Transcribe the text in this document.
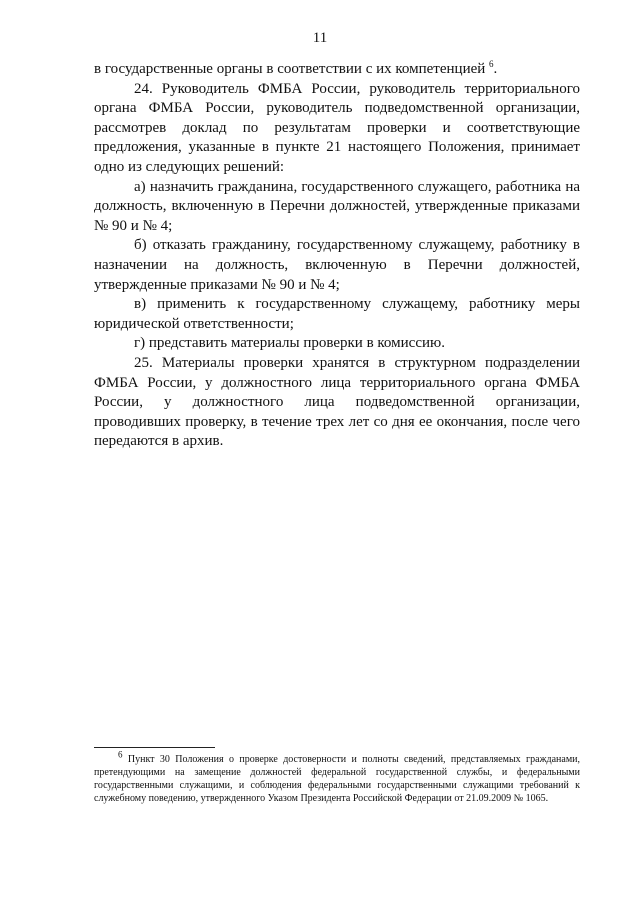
11

в государственные органы в соответствии с их компетенцией $^6$.

24. Руководитель ФМБА России, руководитель территориального органа ФМБА России, руководитель подведомственной организации, рассмотрев доклад по результатам проверки и соответствующие предложения, указанные в пункте 21 настоящего Положения, принимает одно из следующих решений:

а) назначить гражданина, государственного служащего, работника на должность, включенную в Перечни должностей, утвержденные приказами № 90 и № 4;

б) отказать гражданину, государственному служащему, работнику в назначении на должность, включенную в Перечни должностей, утвержденные приказами № 90 и № 4;

в) применить к государственному служащему, работнику меры юридической ответственности;

г) представить материалы проверки в комиссию.

25. Материалы проверки хранятся в структурном подразделении ФМБА России, у должностного лица территориального органа ФМБА России, у должностного лица подведомственной организации, проводивших проверку, в течение трех лет со дня ее окончания, после чего передаются в архив.

$^6$ Пункт 30 Положения о проверке достоверности и полноты сведений, представляемых гражданами, претендующими на замещение должностей федеральной государственной службы, и федеральными государственными служащими, и соблюдения федеральными государственными служащими требований к служебному поведению, утвержденного Указом Президента Российской Федерации от 21.09.2009 № 1065.
